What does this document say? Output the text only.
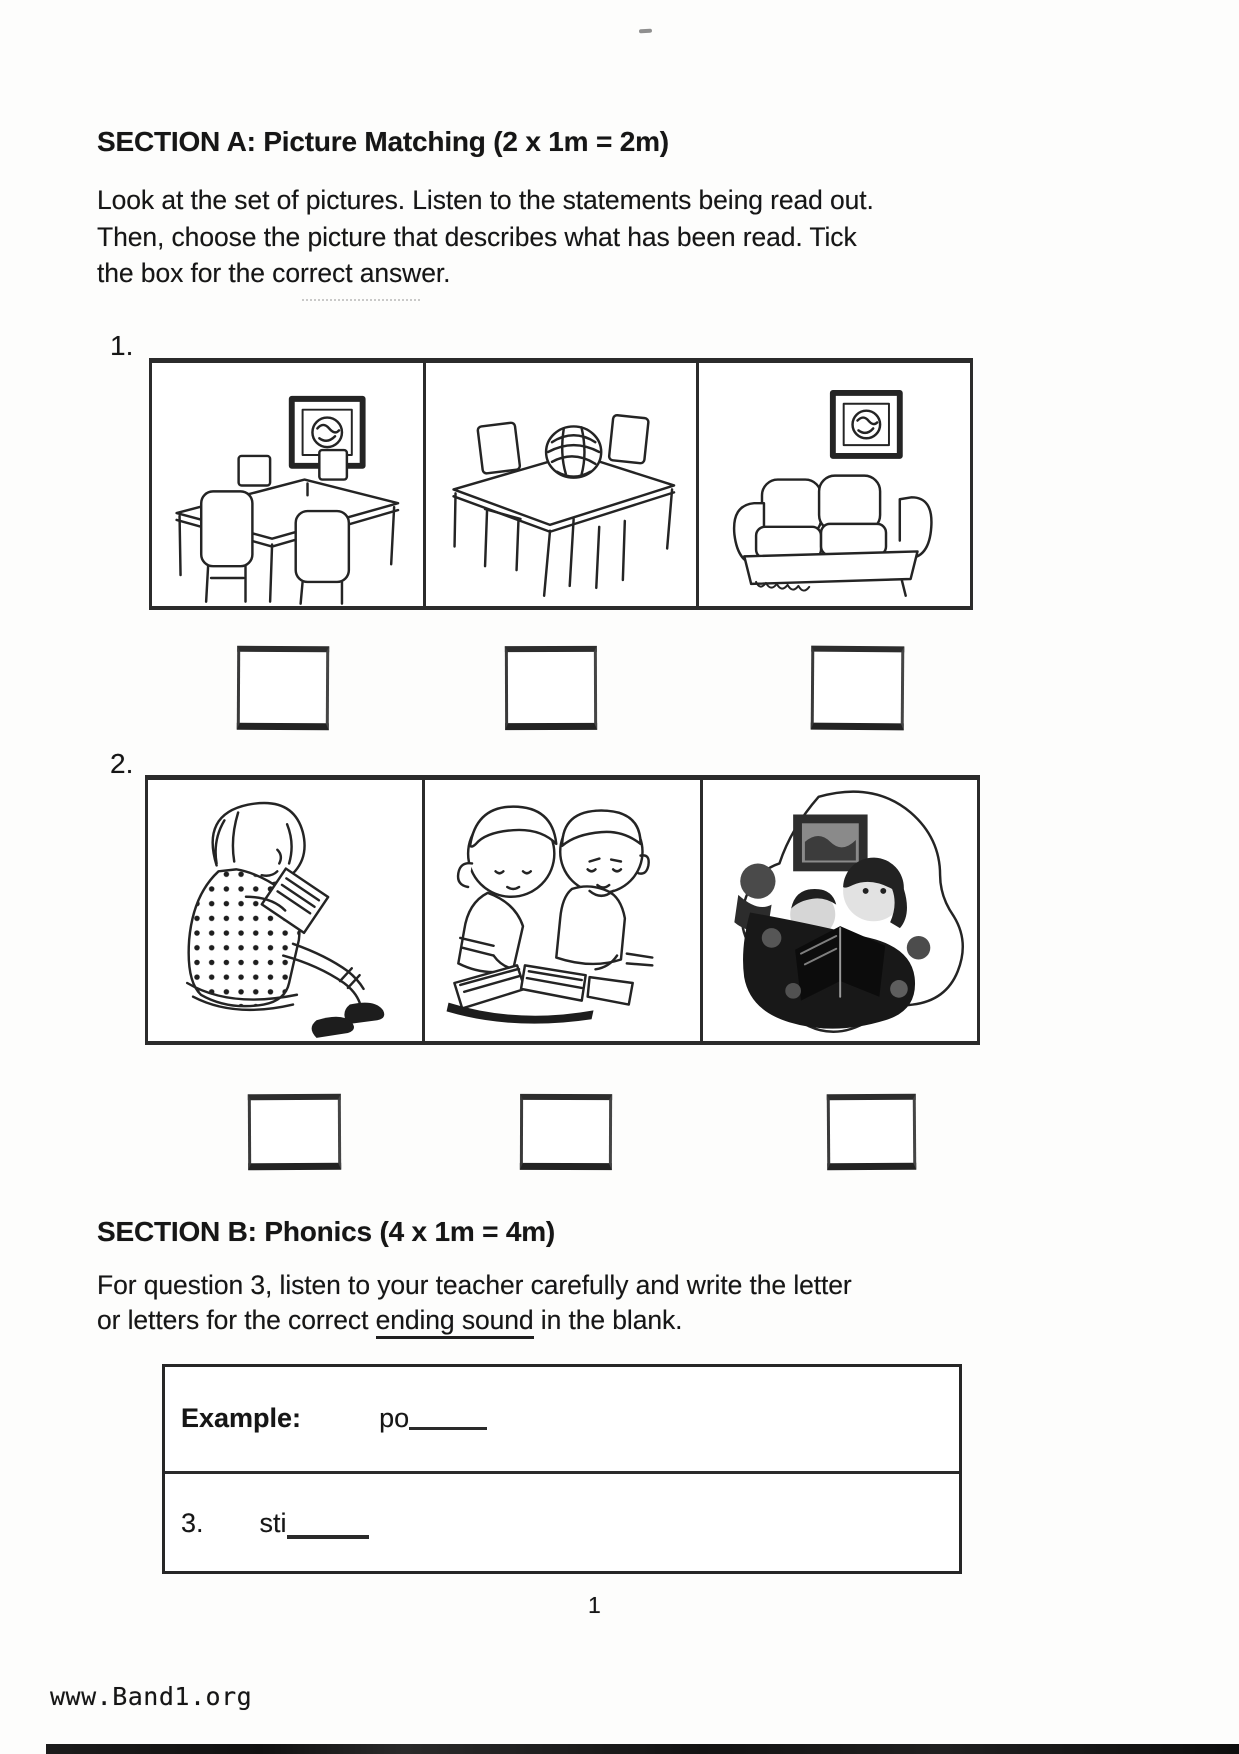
SECTION A: Picture Matching (2 x 1m = 2m)
Look at the set of pictures. Listen to the statements being read out.
Then, choose the picture that describes what has been read. Tick
the box for the correct answer.
1.
2.
SECTION B: Phonics (4 x 1m = 4m)
For question 3, listen to your teacher carefully and write the letter
or letters for the correct ending sound in the blank.
Example:	po
3. sti
1
www.Band1.org
